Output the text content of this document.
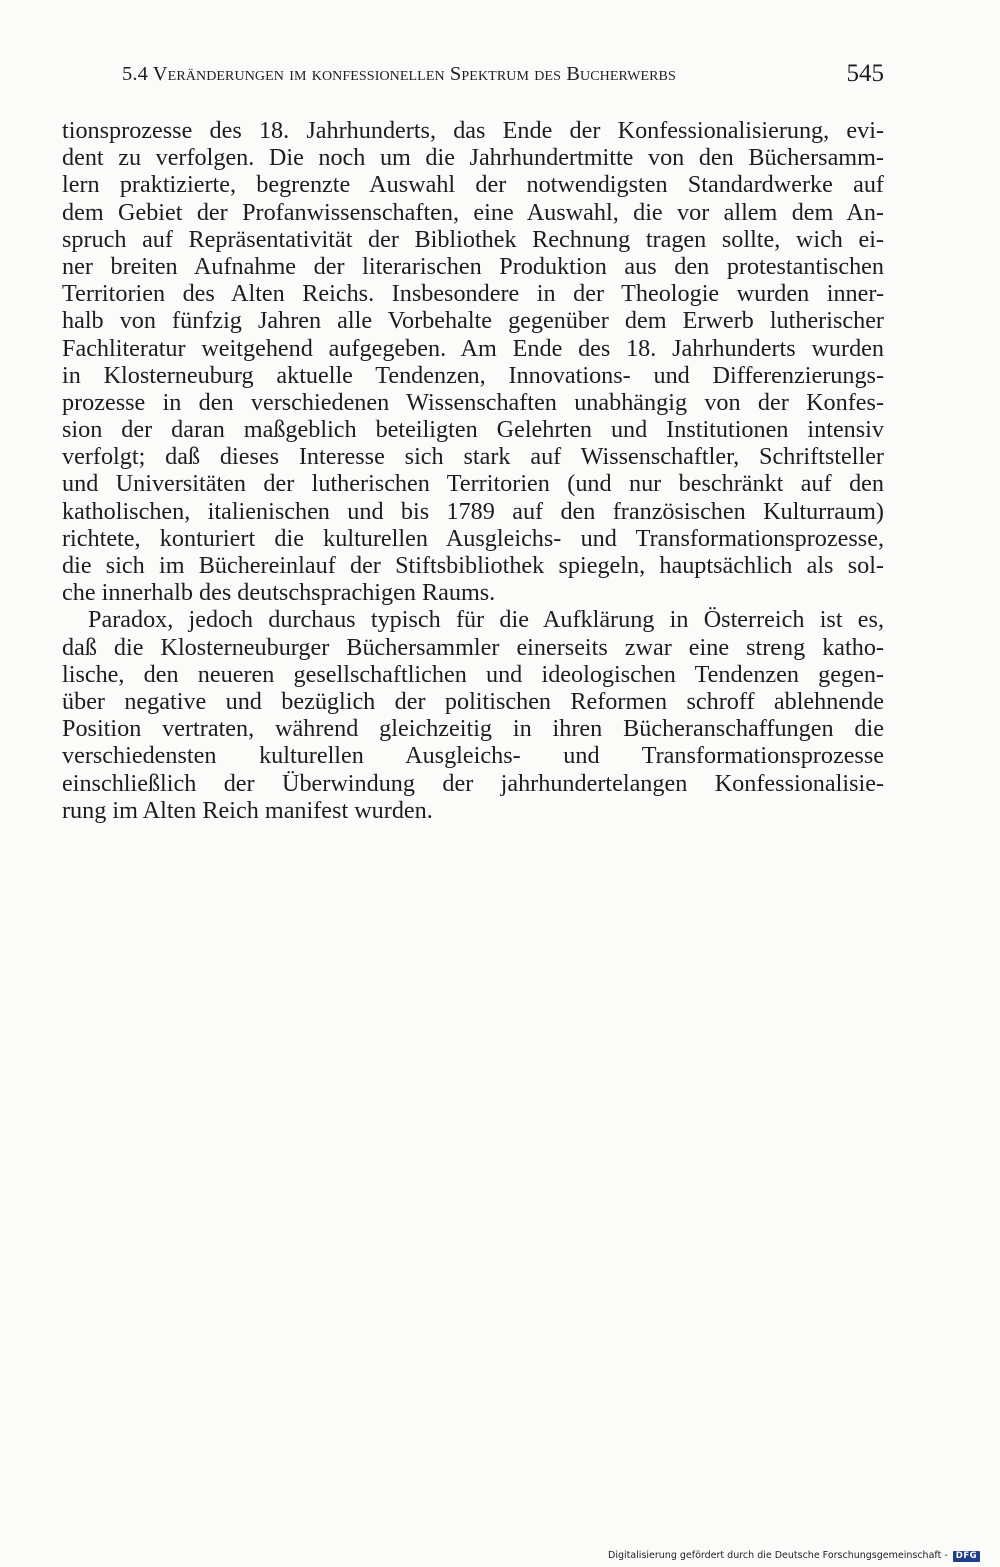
5.4 Veränderungen im konfessionellen Spektrum des Bucherwerbs	545
tionsprozesse des 18. Jahrhunderts, das Ende der Konfessionalisierung, evi-
dent zu verfolgen. Die noch um die Jahrhundertmitte von den Büchersamm-
lern praktizierte, begrenzte Auswahl der notwendigsten Standardwerke auf
dem Gebiet der Profanwissenschaften, eine Auswahl, die vor allem dem An-
spruch auf Repräsentativität der Bibliothek Rechnung tragen sollte, wich ei-
ner breiten Aufnahme der literarischen Produktion aus den protestantischen
Territorien des Alten Reichs. Insbesondere in der Theologie wurden inner-
halb von fünfzig Jahren alle Vorbehalte gegenüber dem Erwerb lutherischer
Fachliteratur weitgehend aufgegeben. Am Ende des 18. Jahrhunderts wurden
in Klosterneuburg aktuelle Tendenzen, Innovations- und Differenzierungs-
prozesse in den verschiedenen Wissenschaften unabhängig von der Konfes-
sion der daran maßgeblich beteiligten Gelehrten und Institutionen intensiv
verfolgt; daß dieses Interesse sich stark auf Wissenschaftler, Schriftsteller
und Universitäten der lutherischen Territorien (und nur beschränkt auf den
katholischen, italienischen und bis 1789 auf den französischen Kulturraum)
richtete, konturiert die kulturellen Ausgleichs- und Transformationsprozesse,
die sich im Büchereinlauf der Stiftsbibliothek spiegeln, hauptsächlich als sol-
che innerhalb des deutschsprachigen Raums.
Paradox, jedoch durchaus typisch für die Aufklärung in Österreich ist es,
daß die Klosterneuburger Büchersammler einerseits zwar eine streng katho-
lische, den neueren gesellschaftlichen und ideologischen Tendenzen gegen-
über negative und bezüglich der politischen Reformen schroff ablehnende
Position vertraten, während gleichzeitig in ihren Bücheranschaffungen die
verschiedensten kulturellen Ausgleichs- und Transformationsprozesse
einschließlich der Überwindung der jahrhundertelangen Konfessionalisie-
rung im Alten Reich manifest wurden.
Digitalisierung gefördert durch die Deutsche Forschungsgemeinschaft - DFG
